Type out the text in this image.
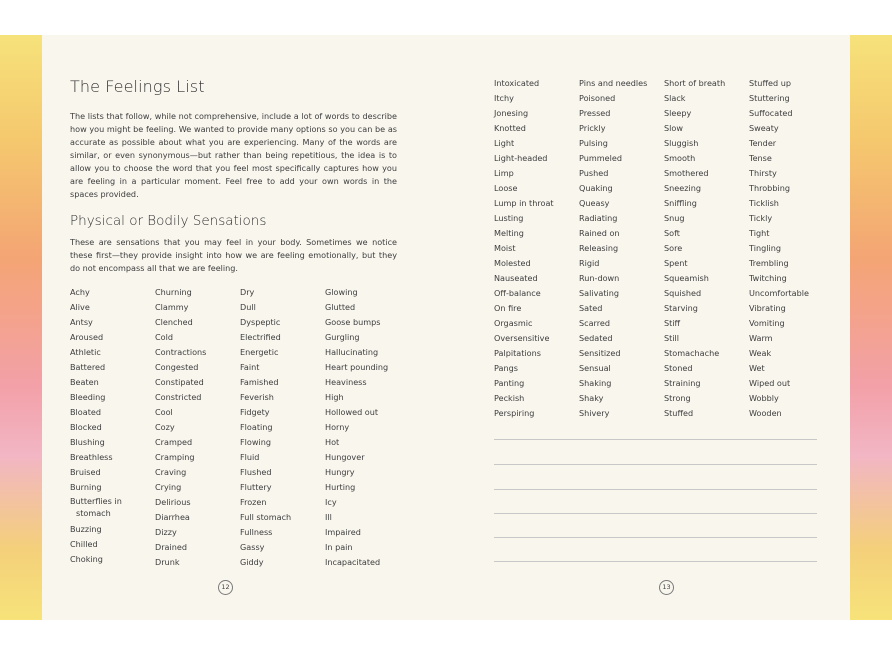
The Feelings List
The lists that follow, while not comprehensive, include a lot of words to describe how you might be feeling. We wanted to provide many options so you can be as accurate as possible about what you are experiencing. Many of the words are similar, or even synonymous—but rather than being repetitious, the idea is to allow you to choose the word that you feel most specifically captures how you are feeling in a particular moment. Feel free to add your own words in the spaces provided.
Physical or Bodily Sensations
These are sensations that you may feel in your body. Sometimes we notice these first—they provide insight into how we are feeling emotionally, but they do not encompass all that we are feeling.
Achy
Alive
Antsy
Aroused
Athletic
Battered
Beaten
Bleeding
Bloated
Blocked
Blushing
Breathless
Bruised
Burning
Butterflies in
stomach
Buzzing
Chilled
Choking
Churning
Clammy
Clenched
Cold
Contractions
Congested
Constipated
Constricted
Cool
Cozy
Cramped
Cramping
Craving
Crying
Delirious
Diarrhea
Dizzy
Drained
Drunk
Dry
Dull
Dyspeptic
Electrified
Energetic
Faint
Famished
Feverish
Fidgety
Floating
Flowing
Fluid
Flushed
Fluttery
Frozen
Full stomach
Fullness
Gassy
Giddy
Glowing
Glutted
Goose bumps
Gurgling
Hallucinating
Heart pounding
Heaviness
High
Hollowed out
Horny
Hot
Hungover
Hungry
Hurting
Icy
Ill
Impaired
In pain
Incapacitated
12
Intoxicated
Itchy
Jonesing
Knotted
Light
Light-headed
Limp
Loose
Lump in throat
Lusting
Melting
Moist
Molested
Nauseated
Off-balance
On fire
Orgasmic
Oversensitive
Palpitations
Pangs
Panting
Peckish
Perspiring
Pins and needles
Poisoned
Pressed
Prickly
Pulsing
Pummeled
Pushed
Quaking
Queasy
Radiating
Rained on
Releasing
Rigid
Run-down
Salivating
Sated
Scarred
Sedated
Sensitized
Sensual
Shaking
Shaky
Shivery
Short of breath
Slack
Sleepy
Slow
Sluggish
Smooth
Smothered
Sneezing
Sniffling
Snug
Soft
Sore
Spent
Squeamish
Squished
Starving
Stiff
Still
Stomachache
Stoned
Straining
Strong
Stuffed
Stuffed up
Stuttering
Suffocated
Sweaty
Tender
Tense
Thirsty
Throbbing
Ticklish
Tickly
Tight
Tingling
Trembling
Twitching
Uncomfortable
Vibrating
Vomiting
Warm
Weak
Wet
Wiped out
Wobbly
Wooden
13
